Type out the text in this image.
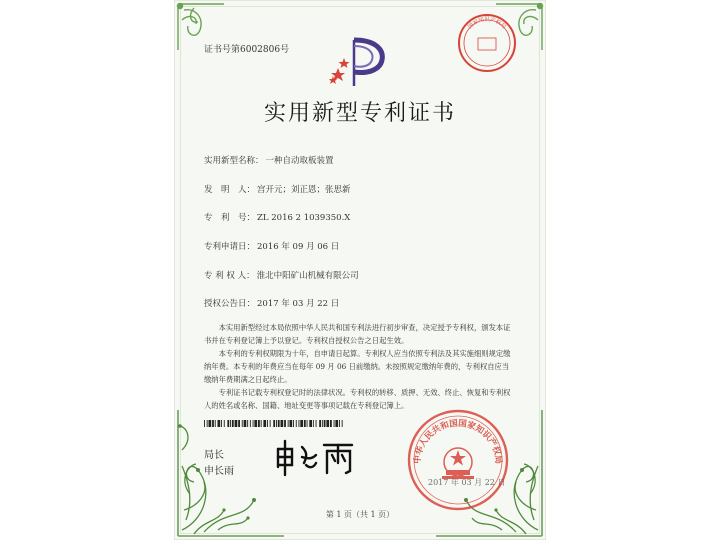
证书号第6002806号
国家知识产权局
实用新型专利证书
实用新型名称： 一种自动取板装置
发　明　人： 宫开元；刘正恩；张思新
专　利　号： ZL 2016 2 1039350.X
专利申请日： 2016 年 09 月 06 日
专 利 权 人： 淮北中阳矿山机械有限公司
授权公告日： 2017 年 03 月 22 日

本实用新型经过本局依照中华人民共和国专利法进行初步审查，决定授予专利权，颁发本证书并在专利登记簿上予以登记。专利权自授权公告之日起生效。

本专利的专利权期限为十年，自申请日起算。专利权人应当依照专利法及其实施细则规定缴纳年费。本专利的年费应当在每年 09 月 06 日前缴纳。未按照规定缴纳年费的，专利权自应当缴纳年费期满之日起终止。

专利证书记载专利权登记时的法律状况。专利权的转移、质押、无效、终止、恢复和专利权人的姓名或名称、国籍、地址变更等事项记载在专利登记簿上。

局长
申长雨
中华人民共和国国家知识产权局
2017 年 03 月 22 日
第 1 页（共 1 页）
